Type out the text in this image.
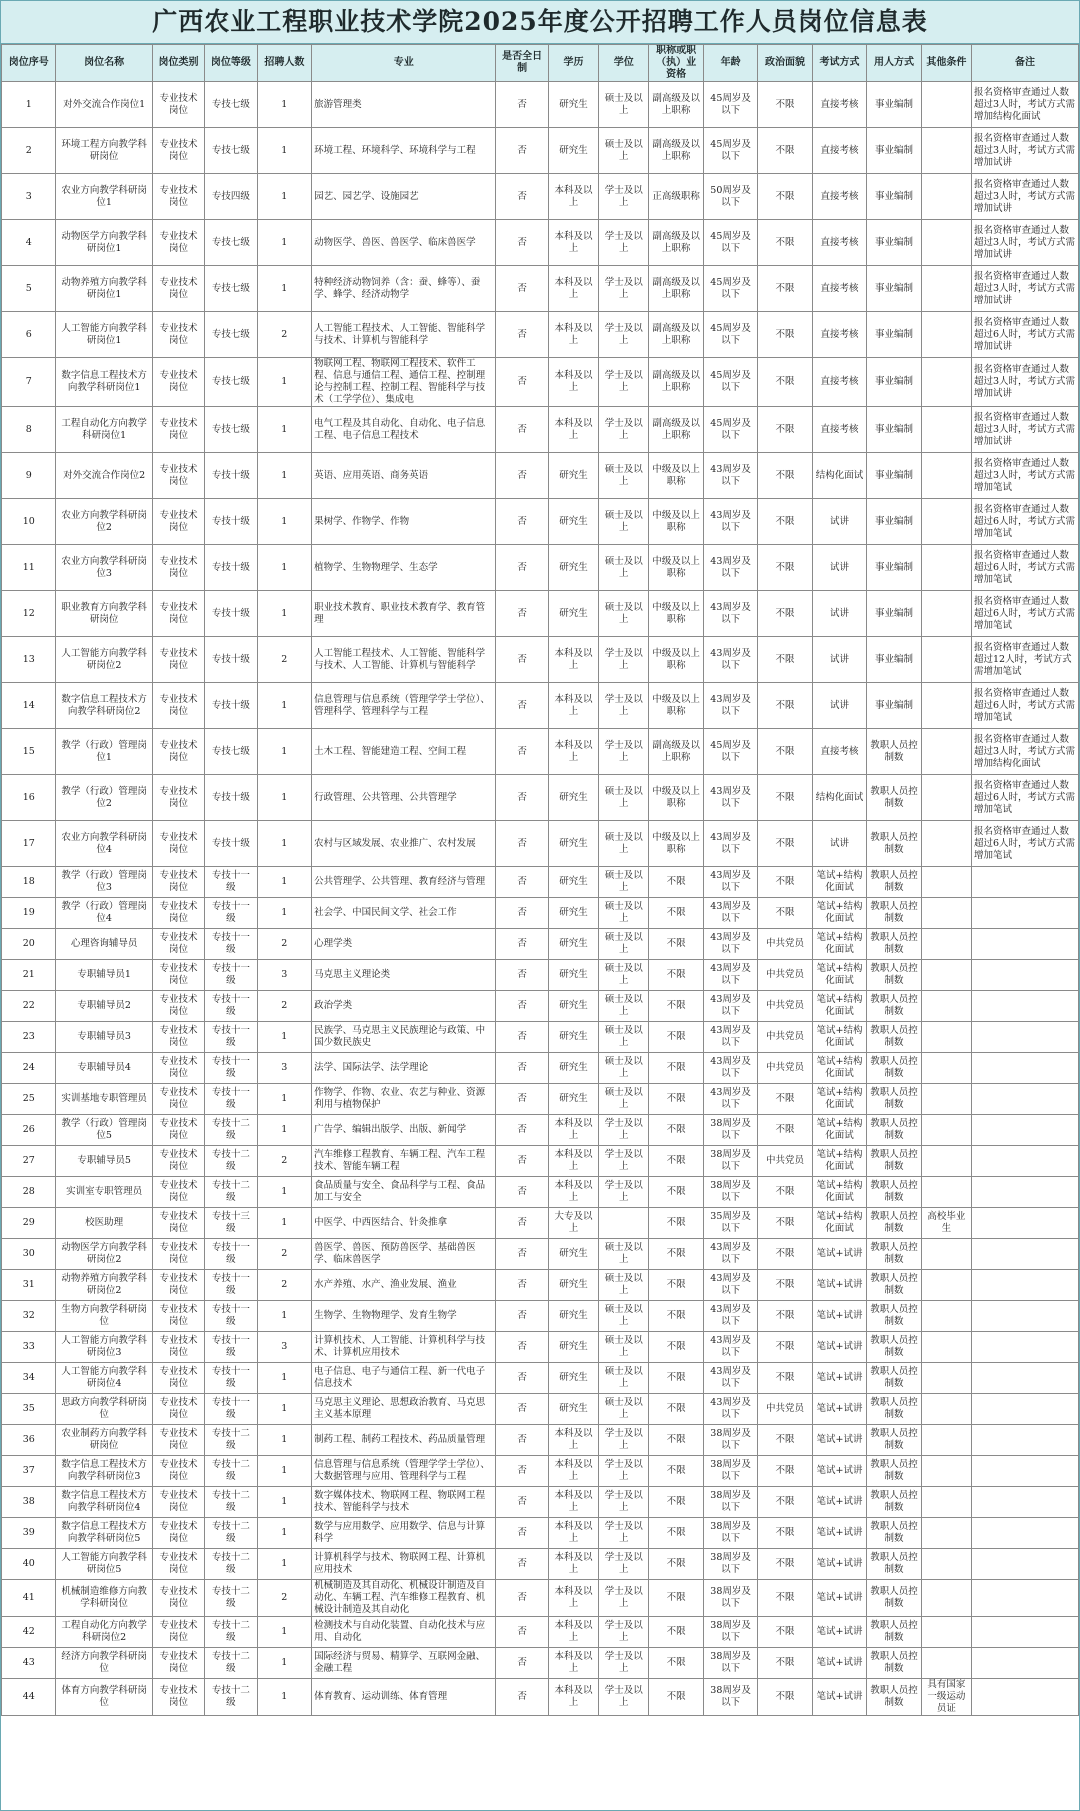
广西农业工程职业技术学院2025年度公开招聘工作人员岗位信息表
岗位序号	岗位名称	岗位类别	岗位等级	招聘人数	专业	是否全日制	学历	学位	职称或职（执）业资格	年龄	政治面貌	考试方式	用人方式	其他条件	备注
1	对外交流合作岗位1	专业技术岗位	专技七级	1	旅游管理类	否	研究生	硕士及以上	副高级及以上职称	45周岁及以下	不限	直接考核	事业编制		报名资格审查通过人数超过3人时，考试方式需增加结构化面试
2	环境工程方向教学科研岗位	专业技术岗位	专技七级	1	环境工程、环境科学、环境科学与工程	否	研究生	硕士及以上	副高级及以上职称	45周岁及以下	不限	直接考核	事业编制		报名资格审查通过人数超过3人时，考试方式需增加试讲
3	农业方向教学科研岗位1	专业技术岗位	专技四级	1	园艺、园艺学、设施园艺	否	本科及以上	学士及以上	正高级职称	50周岁及以下	不限	直接考核	事业编制		报名资格审查通过人数超过3人时，考试方式需增加试讲
4	动物医学方向教学科研岗位1	专业技术岗位	专技七级	1	动物医学、兽医、兽医学、临床兽医学	否	本科及以上	学士及以上	副高级及以上职称	45周岁及以下	不限	直接考核	事业编制		报名资格审查通过人数超过3人时，考试方式需增加试讲
5	动物养殖方向教学科研岗位1	专业技术岗位	专技七级	1	特种经济动物饲养（含：蚕、蜂等）、蚕学、蜂学、经济动物学	否	本科及以上	学士及以上	副高级及以上职称	45周岁及以下	不限	直接考核	事业编制		报名资格审查通过人数超过3人时，考试方式需增加试讲
6	人工智能方向教学科研岗位1	专业技术岗位	专技七级	2	人工智能工程技术、人工智能、智能科学与技术、计算机与智能科学	否	本科及以上	学士及以上	副高级及以上职称	45周岁及以下	不限	直接考核	事业编制		报名资格审查通过人数超过6人时，考试方式需增加试讲
7	数字信息工程技术方向教学科研岗位1	专业技术岗位	专技七级	1	物联网工程、物联网工程技术、软件工程、信息与通信工程、通信工程、控制理论与控制工程、控制工程、智能科学与技术（工学学位）、集成电	否	本科及以上	学士及以上	副高级及以上职称	45周岁及以下	不限	直接考核	事业编制		报名资格审查通过人数超过3人时，考试方式需增加试讲
8	工程自动化方向教学科研岗位1	专业技术岗位	专技七级	1	电气工程及其自动化、自动化、电子信息工程、电子信息工程技术	否	本科及以上	学士及以上	副高级及以上职称	45周岁及以下	不限	直接考核	事业编制		报名资格审查通过人数超过3人时，考试方式需增加试讲
9	对外交流合作岗位2	专业技术岗位	专技十级	1	英语、应用英语、商务英语	否	研究生	硕士及以上	中级及以上职称	43周岁及以下	不限	结构化面试	事业编制		报名资格审查通过人数超过3人时，考试方式需增加笔试
10	农业方向教学科研岗位2	专业技术岗位	专技十级	1	果树学、作物学、作物	否	研究生	硕士及以上	中级及以上职称	43周岁及以下	不限	试讲	事业编制		报名资格审查通过人数超过6人时，考试方式需增加笔试
11	农业方向教学科研岗位3	专业技术岗位	专技十级	1	植物学、生物物理学、生态学	否	研究生	硕士及以上	中级及以上职称	43周岁及以下	不限	试讲	事业编制		报名资格审查通过人数超过6人时，考试方式需增加笔试
12	职业教育方向教学科研岗位	专业技术岗位	专技十级	1	职业技术教育、职业技术教育学、教育管理	否	研究生	硕士及以上	中级及以上职称	43周岁及以下	不限	试讲	事业编制		报名资格审查通过人数超过6人时，考试方式需增加笔试
13	人工智能方向教学科研岗位2	专业技术岗位	专技十级	2	人工智能工程技术、人工智能、智能科学与技术、人工智能、计算机与智能科学	否	本科及以上	学士及以上	中级及以上职称	43周岁及以下	不限	试讲	事业编制		报名资格审查通过人数超过12人时，考试方式需增加笔试
14	数字信息工程技术方向教学科研岗位2	专业技术岗位	专技十级	1	信息管理与信息系统（管理学学士学位）、管理科学、管理科学与工程	否	本科及以上	学士及以上	中级及以上职称	43周岁及以下	不限	试讲	事业编制		报名资格审查通过人数超过6人时，考试方式需增加笔试
15	教学（行政）管理岗位1	专业技术岗位	专技七级	1	土木工程、智能建造工程、空间工程	否	本科及以上	学士及以上	副高级及以上职称	45周岁及以下	不限	直接考核	教职人员控制数		报名资格审查通过人数超过3人时，考试方式需增加结构化面试
16	教学（行政）管理岗位2	专业技术岗位	专技十级	1	行政管理、公共管理、公共管理学	否	研究生	硕士及以上	中级及以上职称	43周岁及以下	不限	结构化面试	教职人员控制数		报名资格审查通过人数超过6人时，考试方式需增加笔试
17	农业方向教学科研岗位4	专业技术岗位	专技十级	1	农村与区域发展、农业推广、农村发展	否	研究生	硕士及以上	中级及以上职称	43周岁及以下	不限	试讲	教职人员控制数		报名资格审查通过人数超过6人时，考试方式需增加笔试
18	教学（行政）管理岗位3	专业技术岗位	专技十一级	1	公共管理学、公共管理、教育经济与管理	否	研究生	硕士及以上	不限	43周岁及以下	不限	笔试+结构化面试	教职人员控制数		
19	教学（行政）管理岗位4	专业技术岗位	专技十一级	1	社会学、中国民间文学、社会工作	否	研究生	硕士及以上	不限	43周岁及以下	不限	笔试+结构化面试	教职人员控制数		
20	心理咨询辅导员	专业技术岗位	专技十一级	2	心理学类	否	研究生	硕士及以上	不限	43周岁及以下	中共党员	笔试+结构化面试	教职人员控制数		
21	专职辅导员1	专业技术岗位	专技十一级	3	马克思主义理论类	否	研究生	硕士及以上	不限	43周岁及以下	中共党员	笔试+结构化面试	教职人员控制数		
22	专职辅导员2	专业技术岗位	专技十一级	2	政治学类	否	研究生	硕士及以上	不限	43周岁及以下	中共党员	笔试+结构化面试	教职人员控制数		
23	专职辅导员3	专业技术岗位	专技十一级	1	民族学、马克思主义民族理论与政策、中国少数民族史	否	研究生	硕士及以上	不限	43周岁及以下	中共党员	笔试+结构化面试	教职人员控制数		
24	专职辅导员4	专业技术岗位	专技十一级	3	法学、国际法学、法学理论	否	研究生	硕士及以上	不限	43周岁及以下	中共党员	笔试+结构化面试	教职人员控制数		
25	实训基地专职管理员	专业技术岗位	专技十一级	1	作物学、作物、农业、农艺与种业、资源利用与植物保护	否	研究生	硕士及以上	不限	43周岁及以下	不限	笔试+结构化面试	教职人员控制数		
26	教学（行政）管理岗位5	专业技术岗位	专技十二级	1	广告学、编辑出版学、出版、新闻学	否	本科及以上	学士及以上	不限	38周岁及以下	不限	笔试+结构化面试	教职人员控制数		
27	专职辅导员5	专业技术岗位	专技十二级	2	汽车维修工程教育、车辆工程、汽车工程技术、智能车辆工程	否	本科及以上	学士及以上	不限	38周岁及以下	中共党员	笔试+结构化面试	教职人员控制数		
28	实训室专职管理员	专业技术岗位	专技十二级	1	食品质量与安全、食品科学与工程、食品加工与安全	否	本科及以上	学士及以上	不限	38周岁及以下	不限	笔试+结构化面试	教职人员控制数		
29	校医助理	专业技术岗位	专技十三级	1	中医学、中西医结合、针灸推拿	否	大专及以上		不限	35周岁及以下	不限	笔试+结构化面试	教职人员控制数	高校毕业生	
30	动物医学方向教学科研岗位2	专业技术岗位	专技十一级	2	兽医学、兽医、预防兽医学、基础兽医学、临床兽医学	否	研究生	硕士及以上	不限	43周岁及以下	不限	笔试+试讲	教职人员控制数		
31	动物养殖方向教学科研岗位2	专业技术岗位	专技十一级	2	水产养殖、水产、渔业发展、渔业	否	研究生	硕士及以上	不限	43周岁及以下	不限	笔试+试讲	教职人员控制数		
32	生物方向教学科研岗位	专业技术岗位	专技十一级	1	生物学、生物物理学、发育生物学	否	研究生	硕士及以上	不限	43周岁及以下	不限	笔试+试讲	教职人员控制数		
33	人工智能方向教学科研岗位3	专业技术岗位	专技十一级	3	计算机技术、人工智能、计算机科学与技术、计算机应用技术	否	研究生	硕士及以上	不限	43周岁及以下	不限	笔试+试讲	教职人员控制数		
34	人工智能方向教学科研岗位4	专业技术岗位	专技十一级	1	电子信息、电子与通信工程、新一代电子信息技术	否	研究生	硕士及以上	不限	43周岁及以下	不限	笔试+试讲	教职人员控制数		
35	思政方向教学科研岗位	专业技术岗位	专技十一级	1	马克思主义理论、思想政治教育、马克思主义基本原理	否	研究生	硕士及以上	不限	43周岁及以下	中共党员	笔试+试讲	教职人员控制数		
36	农业制药方向教学科研岗位	专业技术岗位	专技十二级	1	制药工程、制药工程技术、药品质量管理	否	本科及以上	学士及以上	不限	38周岁及以下	不限	笔试+试讲	教职人员控制数		
37	数字信息工程技术方向教学科研岗位3	专业技术岗位	专技十二级	1	信息管理与信息系统（管理学学士学位）、大数据管理与应用、管理科学与工程	否	本科及以上	学士及以上	不限	38周岁及以下	不限	笔试+试讲	教职人员控制数		
38	数字信息工程技术方向教学科研岗位4	专业技术岗位	专技十二级	1	数字媒体技术、物联网工程、物联网工程技术、智能科学与技术	否	本科及以上	学士及以上	不限	38周岁及以下	不限	笔试+试讲	教职人员控制数		
39	数字信息工程技术方向教学科研岗位5	专业技术岗位	专技十二级	1	数学与应用数学、应用数学、信息与计算科学	否	本科及以上	学士及以上	不限	38周岁及以下	不限	笔试+试讲	教职人员控制数		
40	人工智能方向教学科研岗位5	专业技术岗位	专技十二级	1	计算机科学与技术、物联网工程、计算机应用技术	否	本科及以上	学士及以上	不限	38周岁及以下	不限	笔试+试讲	教职人员控制数		
41	机械制造维修方向教学科研岗位	专业技术岗位	专技十二级	2	机械制造及其自动化、机械设计制造及自动化、车辆工程、汽车维修工程教育、机械设计制造及其自动化	否	本科及以上	学士及以上	不限	38周岁及以下	不限	笔试+试讲	教职人员控制数		
42	工程自动化方向教学科研岗位2	专业技术岗位	专技十二级	1	检测技术与自动化装置、自动化技术与应用、自动化	否	本科及以上	学士及以上	不限	38周岁及以下	不限	笔试+试讲	教职人员控制数		
43	经济方向教学科研岗位	专业技术岗位	专技十二级	1	国际经济与贸易、精算学、互联网金融、金融工程	否	本科及以上	学士及以上	不限	38周岁及以下	不限	笔试+试讲	教职人员控制数		
44	体育方向教学科研岗位	专业技术岗位	专技十二级	1	体育教育、运动训练、体育管理	否	本科及以上	学士及以上	不限	38周岁及以下	不限	笔试+试讲	教职人员控制数	具有国家一级运动员证	
